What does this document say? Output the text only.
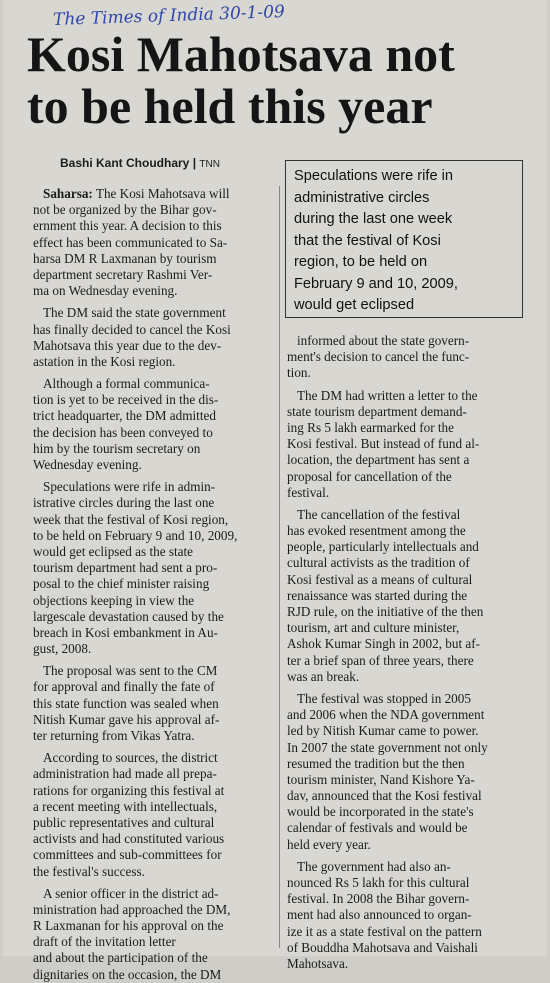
The Times of India 30-1-09
Kosi Mahotsava not
to be held this year
Bashi Kant Choudhary | TNN
Speculations were rife in
administrative circles
during the last one week
that the festival of Kosi
region, to be held on
February 9 and 10, 2009,
would get eclipsed
Saharsa: The Kosi Mahotsava will
not be organized by the Bihar gov-
ernment this year. A decision to this
effect has been communicated to Sa-
harsa DM R Laxmanan by tourism
department secretary Rashmi Ver-
ma on Wednesday evening.
The DM said the state government
has finally decided to cancel the Kosi
Mahotsava this year due to the dev-
astation in the Kosi region.
Although a formal communica-
tion is yet to be received in the dis-
trict headquarter, the DM admitted
the decision has been conveyed to
him by the tourism secretary on
Wednesday evening.
Speculations were rife in admin-
istrative circles during the last one
week that the festival of Kosi region,
to be held on February 9 and 10, 2009,
would get eclipsed as the state
tourism department had sent a pro-
posal to the chief minister raising
objections keeping in view the
largescale devastation caused by the
breach in Kosi embankment in Au-
gust, 2008.
The proposal was sent to the CM
for approval and finally the fate of
this state function was sealed when
Nitish Kumar gave his approval af-
ter returning from Vikas Yatra.
According to sources, the district
administration had made all prepa-
rations for organizing this festival at
a recent meeting with intellectuals,
public representatives and cultural
activists and had constituted various
committees and sub-committees for
the festival's success.
A senior officer in the district ad-
ministration had approached the DM,
R Laxmanan for his approval on the
draft of the invitation letter
and about the participation of the
dignitaries on the occasion, the DM
informed about the state govern-
ment's decision to cancel the func-
tion.
The DM had written a letter to the
state tourism department demand-
ing Rs 5 lakh earmarked for the
Kosi festival. But instead of fund al-
location, the department has sent a
proposal for cancellation of the
festival.
The cancellation of the festival
has evoked resentment among the
people, particularly intellectuals and
cultural activists as the tradition of
Kosi festival as a means of cultural
renaissance was started during the
RJD rule, on the initiative of the then
tourism, art and culture minister,
Ashok Kumar Singh in 2002, but af-
ter a brief span of three years, there
was an break.
The festival was stopped in 2005
and 2006 when the NDA government
led by Nitish Kumar came to power.
In 2007 the state government not only
resumed the tradition but the then
tourism minister, Nand Kishore Ya-
dav, announced that the Kosi festival
would be incorporated in the state's
calendar of festivals and would be
held every year.
The government had also an-
nounced Rs 5 lakh for this cultural
festival. In 2008 the Bihar govern-
ment had also announced to organ-
ize it as a state festival on the pattern
of Bouddha Mahotsava and Vaishali
Mahotsava.
